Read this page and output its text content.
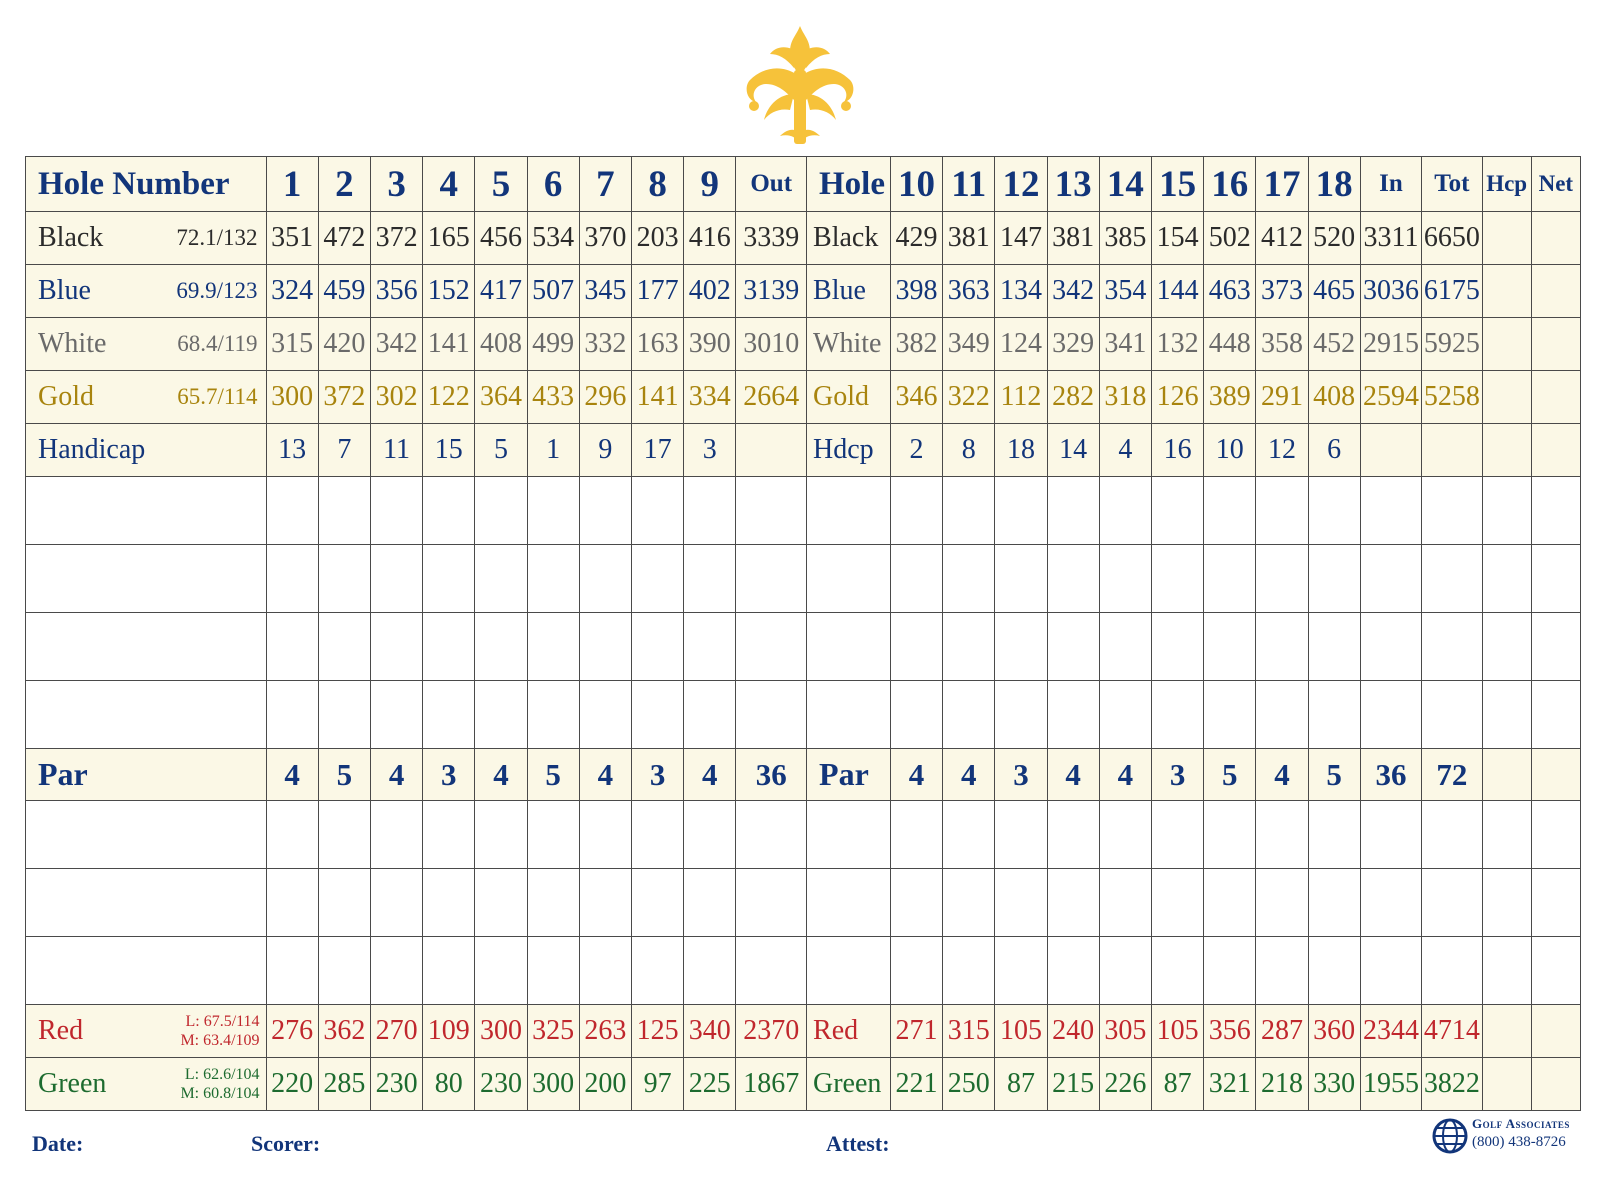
Hole Number	1	2	3	4	5	6	7	8	9	Out	Hole	10	11	12	13	14	15	16	17	18	In	Tot	Hcp	Net
Black 72.1/132	351	472	372	165	456	534	370	203	416	3339	Black	429	381	147	381	385	154	502	412	520	3311	6650		
Blue 69.9/123	324	459	356	152	417	507	345	177	402	3139	Blue	398	363	134	342	354	144	463	373	465	3036	6175		
White 68.4/119	315	420	342	141	408	499	332	163	390	3010	White	382	349	124	329	341	132	448	358	452	2915	5925		
Gold 65.7/114	300	372	302	122	364	433	296	141	334	2664	Gold	346	322	112	282	318	126	389	291	408	2594	5258		
Handicap	13	7	11	15	5	1	9	17	3		Hdcp	2	8	18	14	4	16	10	12	6				

Par	4	5	4	3	4	5	4	3	4	36	Par	4	4	3	4	4	3	5	4	5	36	72		

Red L: 67.5/114
M: 63.4/109	276	362	270	109	300	325	263	125	340	2370	Red	271	315	105	240	305	105	356	287	360	2344	4714		
Green L: 62.6/104
M: 60.8/104	220	285	230	80	230	300	200	97	225	1867	Green	221	250	87	215	226	87	321	218	330	1955	3822		
Date:	Scorer:	Attest:
Golf Associates
(800) 438-8726
